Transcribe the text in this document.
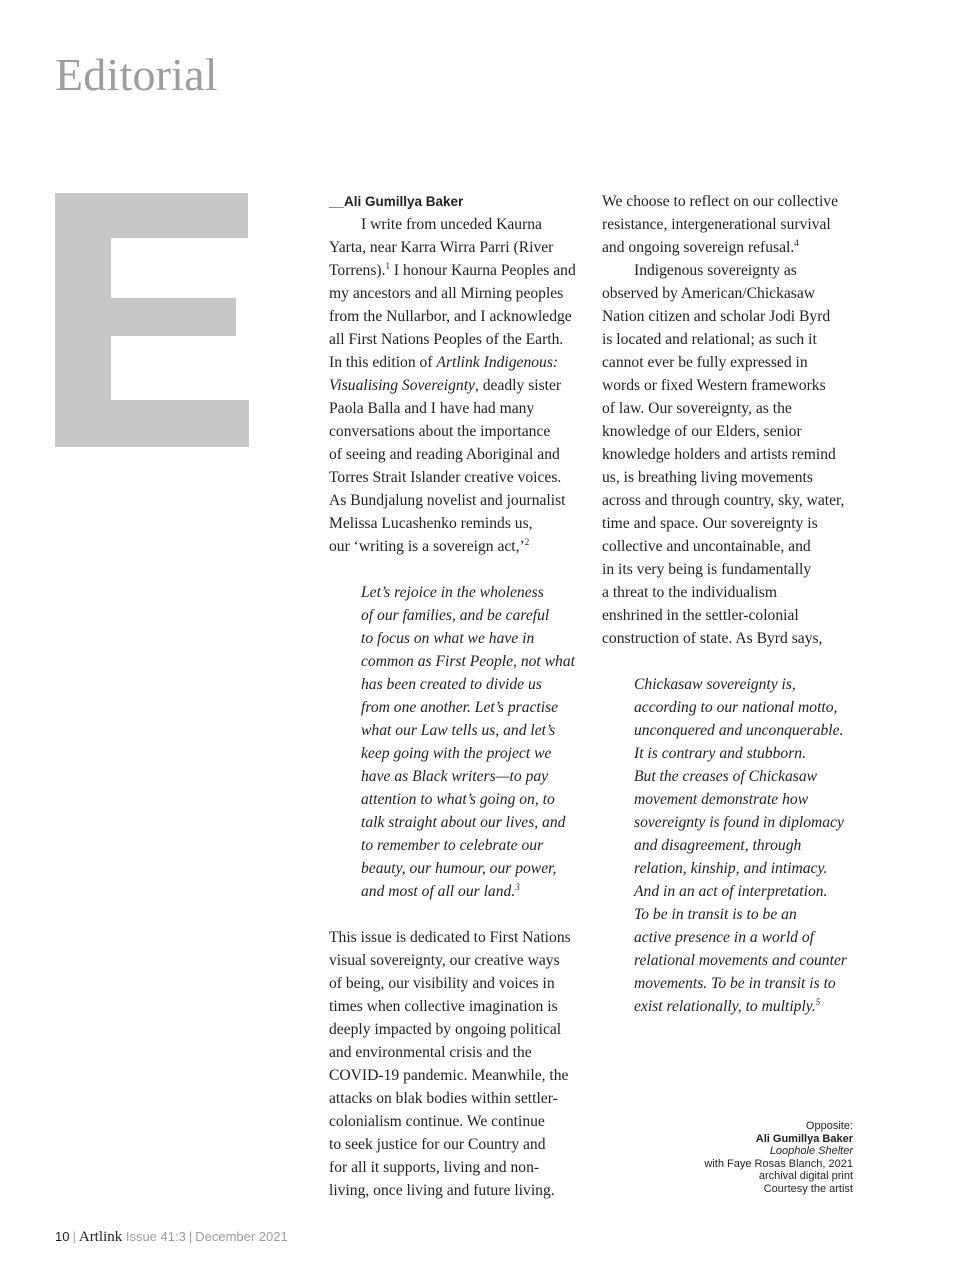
Editorial
__Ali Gumillya Baker
I write from unceded Kaurna
Yarta, near Karra Wirra Parri (River
Torrens).$^1$ I honour Kaurna Peoples and
my ancestors and all Mirning peoples
from the Nullarbor, and I acknowledge
all First Nations Peoples of the Earth.
In this edition of Artlink Indigenous:
Visualising Sovereignty, deadly sister
Paola Balla and I have had many
conversations about the importance
of seeing and reading Aboriginal and
Torres Strait Islander creative voices.
As Bundjalung novelist and journalist
Melissa Lucashenko reminds us,
our ‘writing is a sovereign act,’$^2$
Let’s rejoice in the wholeness
of our families, and be careful
to focus on what we have in
common as First People, not what
has been created to divide us
from one another. Let’s practise
what our Law tells us, and let’s
keep going with the project we
have as Black writers—to pay
attention to what’s going on, to
talk straight about our lives, and
to remember to celebrate our
beauty, our humour, our power,
and most of all our land.$^3$
This issue is dedicated to First Nations
visual sovereignty, our creative ways
of being, our visibility and voices in
times when collective imagination is
deeply impacted by ongoing political
and environmental crisis and the
COVID-19 pandemic. Meanwhile, the
attacks on blak bodies within settler-
colonialism continue. We continue
to seek justice for our Country and
for all it supports, living and non-
living, once living and future living.
We choose to reflect on our collective
resistance, intergenerational survival
and ongoing sovereign refusal.$^4$
Indigenous sovereignty as
observed by American/Chickasaw
Nation citizen and scholar Jodi Byrd
is located and relational; as such it
cannot ever be fully expressed in
words or fixed Western frameworks
of law. Our sovereignty, as the
knowledge of our Elders, senior
knowledge holders and artists remind
us, is breathing living movements
across and through country, sky, water,
time and space. Our sovereignty is
collective and uncontainable, and
in its very being is fundamentally
a threat to the individualism
enshrined in the settler-colonial
construction of state. As Byrd says,
Chickasaw sovereignty is,
according to our national motto,
unconquered and unconquerable.
It is contrary and stubborn.
But the creases of Chickasaw
movement demonstrate how
sovereignty is found in diplomacy
and disagreement, through
relation, kinship, and intimacy.
And in an act of interpretation.
To be in transit is to be an
active presence in a world of
relational movements and counter
movements. To be in transit is to
exist relationally, to multiply.$^5$
Opposite:
Ali Gumillya Baker
Loophole Shelter
with Faye Rosas Blanch, 2021
archival digital print
Courtesy the artist
10 | Artlink Issue 41:3 | December 2021
